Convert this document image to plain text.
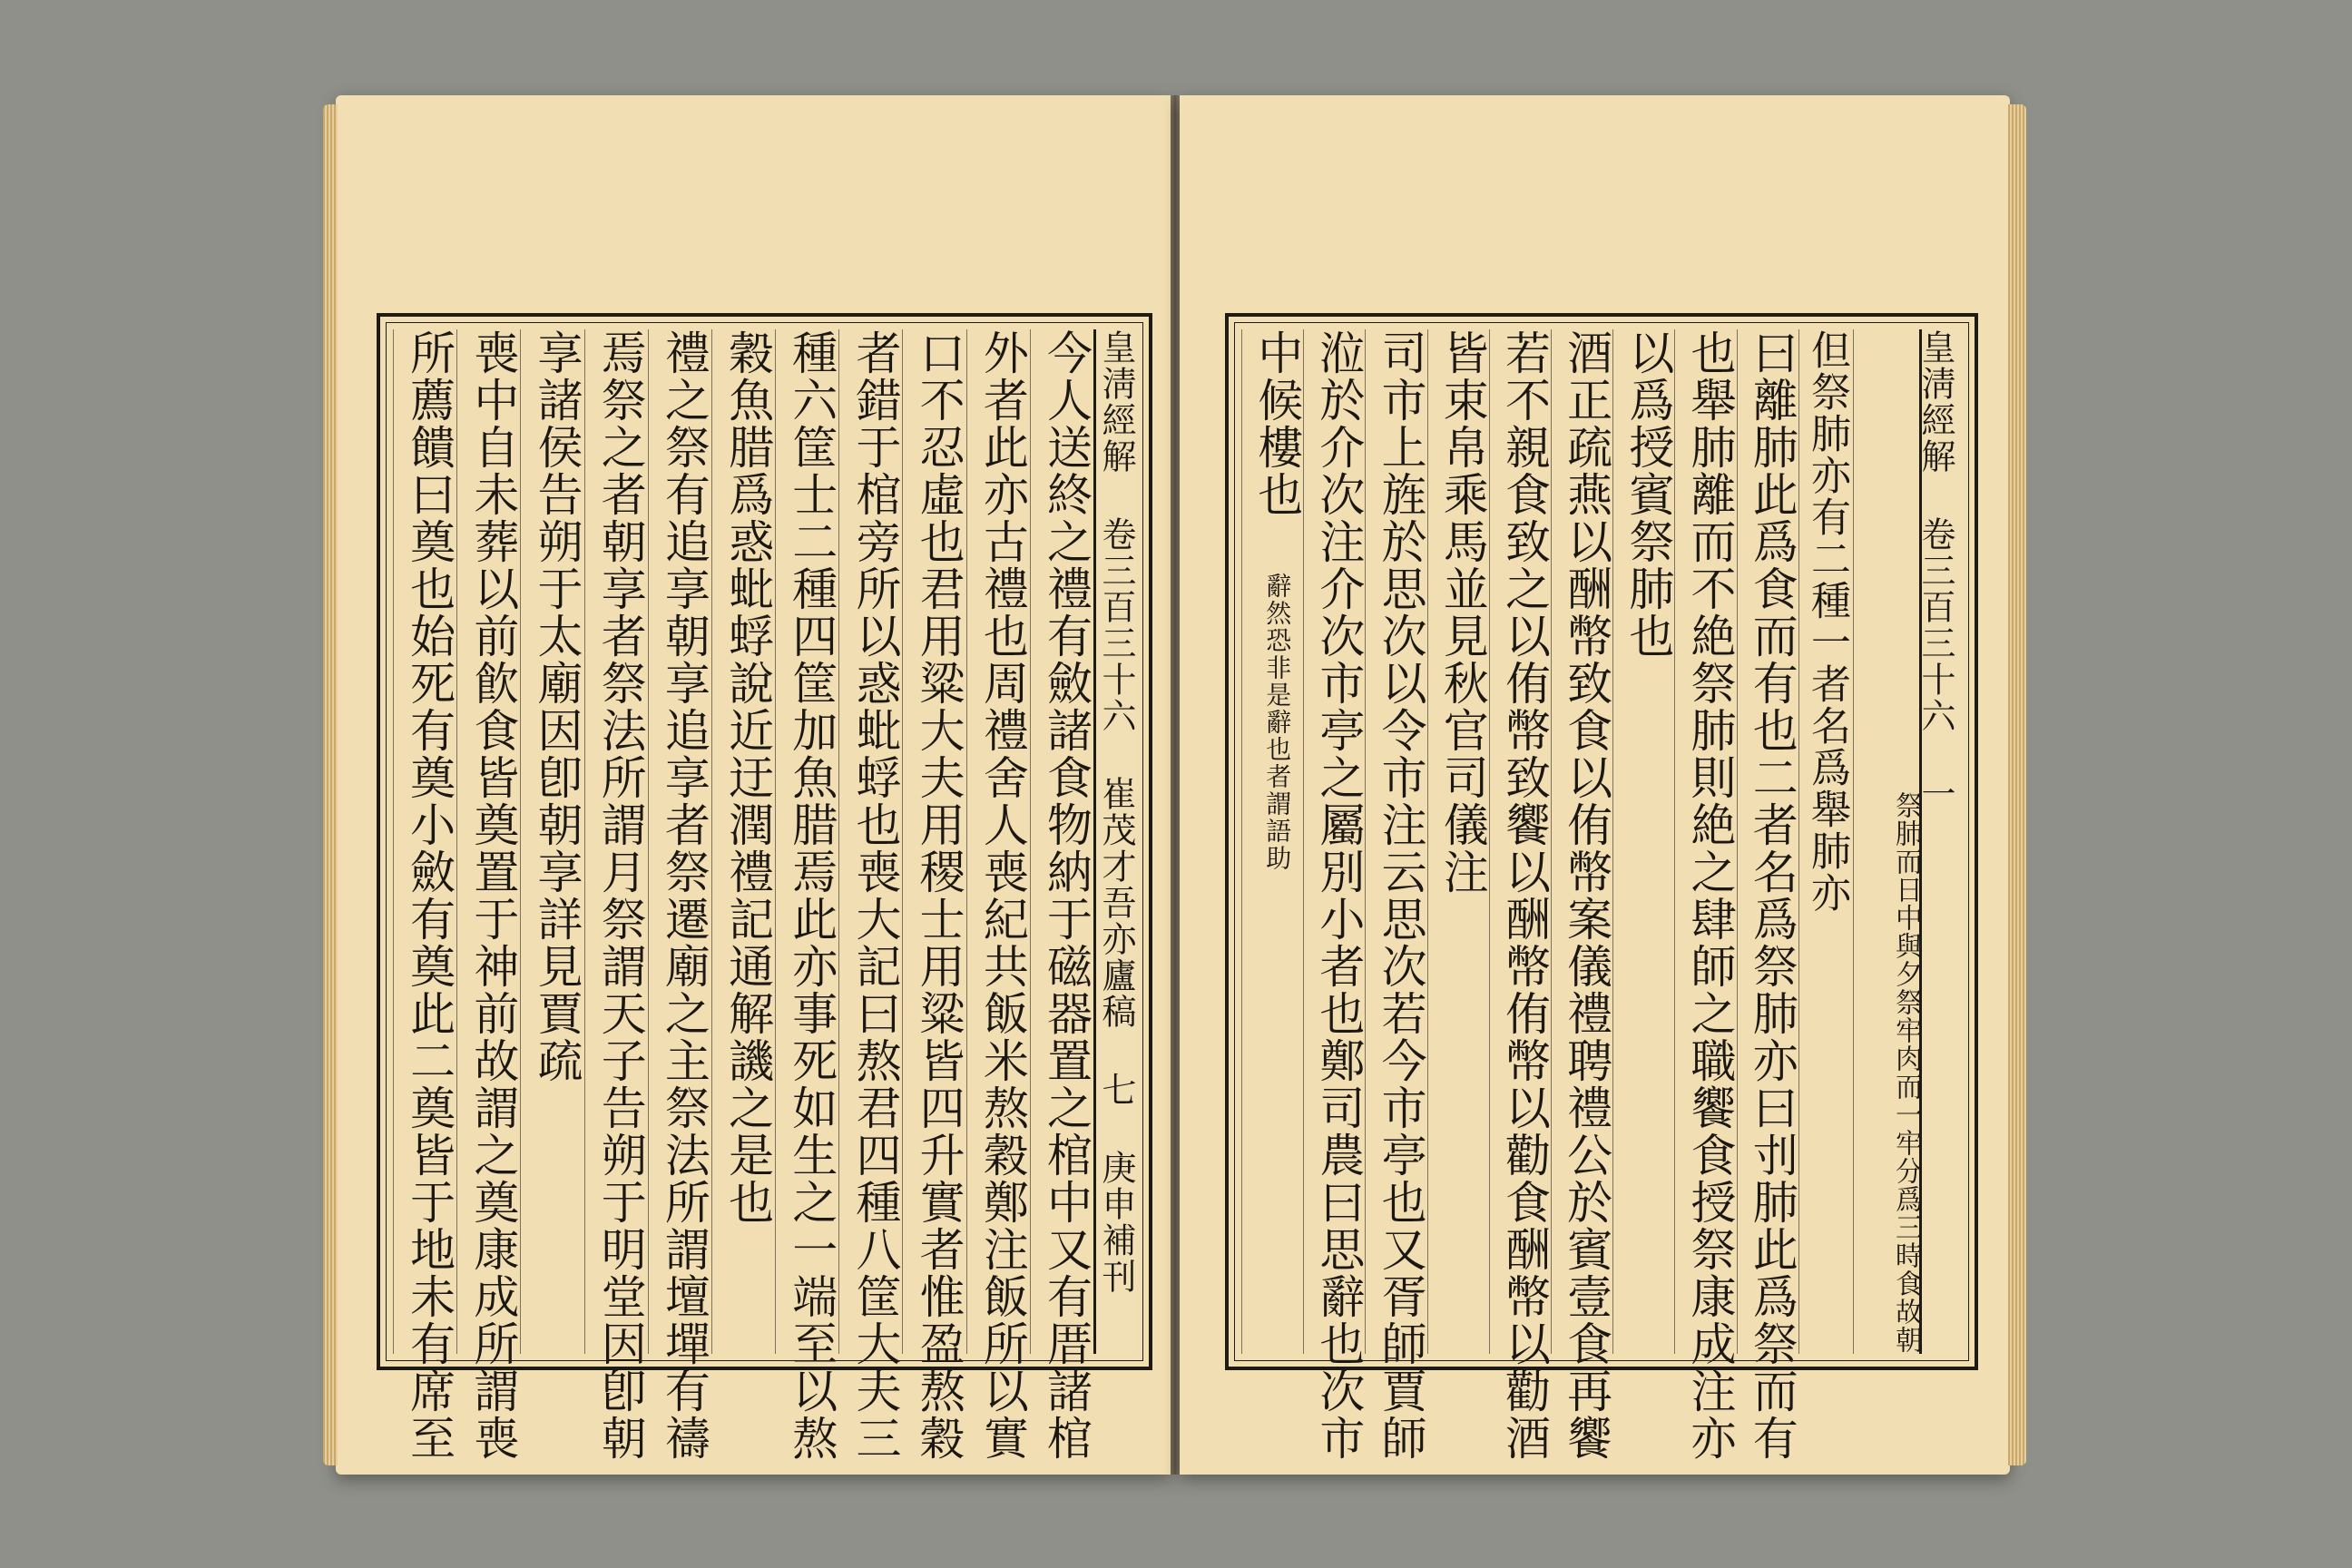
皇淸經解 卷三百三十六 崔茂才吾亦廬稿 七 庚申補刊
今人送終之禮有斂諸食物納于磁器置之棺中又有厝諸棺
外者此亦古禮也周禮舍人喪紀共飯米熬穀鄭注飯所以實
口不忍虛也君用粱大夫用稷士用粱皆四升實者惟盈熬穀
者錯于棺旁所以惑蚍蜉也喪大記曰熬君四種八筐大夫三
種六筐士二種四筐加魚腊焉此亦事死如生之一端至以熬
穀魚腊爲惑蚍蜉說近迂潤禮記通解譏之是也
禮之祭有追享朝享追享者祭遷廟之主祭法所謂壇墠有禱
焉祭之者朝享者祭法所謂月祭謂天子告朔于明堂因卽朝
享諸侯告朔于太廟因卽朝享詳見賈疏
喪中自未葬以前飮食皆奠置于神前故謂之奠康成所謂喪
所薦饋曰奠也始死有奠小斂有奠此二奠皆于地未有席至	皇淸經解 卷三百三十六 一
而一牢分爲三時食故朝
祭肺而日中與夕祭牢肉
但祭肺亦有二種一者名爲舉肺亦
曰離肺此爲食而有也二者名爲祭肺亦曰刌肺此爲祭而有
也舉肺離而不絶祭肺則絶之肆師之職饗食授祭康成注亦
以爲授賓祭肺也
酒正疏燕以酬幣致食以侑幣案儀禮聘禮公於賓壹食再饗
若不親食致之以侑幣致饗以酬幣侑幣以勸食酬幣以勸酒
皆束帛乘馬並見秋官司儀注
司市上旌於思次以令市注云思次若今市亭也又胥師賈師
涖於介次注介次市亭之屬別小者也鄭司農曰思辭也次市
中候樓也
辭也者謂語助
辭然恐非是
